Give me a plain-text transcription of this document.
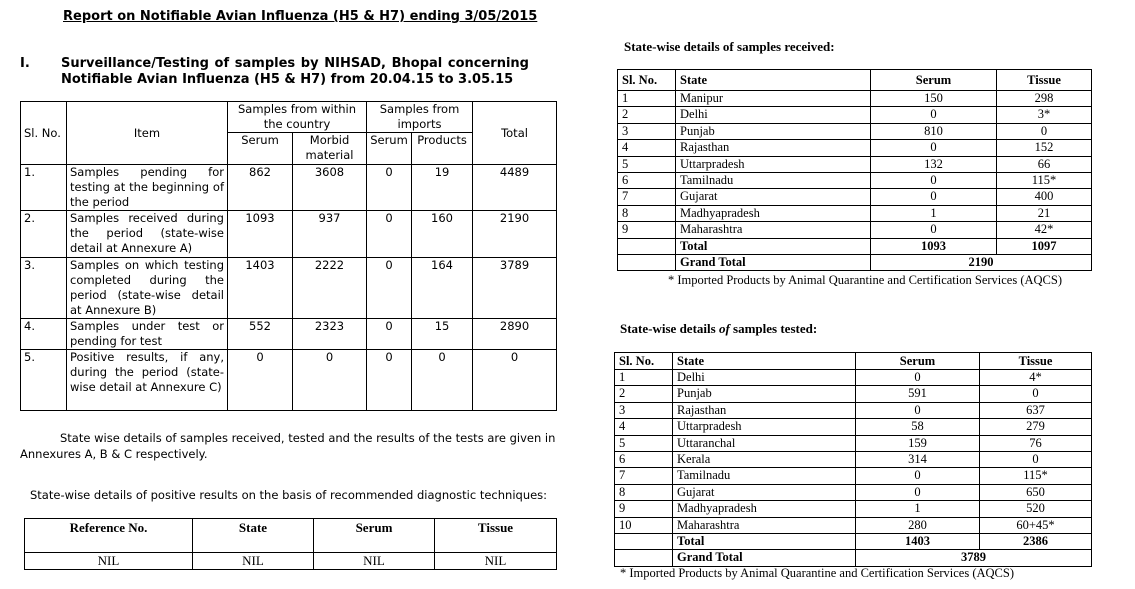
Report on Notifiable Avian Influenza (H5 & H7) ending 3/05/2015
I. Surveillance/Testing of samples by NIHSAD, Bhopal concerning Notifiable Avian Influenza (H5 & H7) from 20.04.15 to 3.05.15
Sl. No.	Item	Samples from within the country		Samples from imports		Total
		Serum	Morbid material	Serum	Products	
1.	Samples pending for testing at the beginning of the period	862	3608	0	19	4489
2.	Samples received during the period (state-wise detail at Annexure A)	1093	937	0	160	2190
3.	Samples on which testing completed during the period (state-wise detail at Annexure B)	1403	2222	0	164	3789
4.	Samples under test or pending for test	552	2323	0	15	2890
5.	Positive results, if any, during the period (state-wise detail at Annexure C)	0	0	0	0	0
State wise details of samples received, tested and the results of the tests are given in Annexures A, B & C respectively.
State-wise details of positive results on the basis of recommended diagnostic techniques:
Reference No.	State	Serum	Tissue
NIL	NIL	NIL	NIL
State-wise details of samples received:
Sl. No.	State	Serum	Tissue
1	Manipur	150	298
2	Delhi	0	3*
3	Punjab	810	0
4	Rajasthan	0	152
5	Uttarpradesh	132	66
6	Tamilnadu	0	115*
7	Gujarat	0	400
8	Madhyapradesh	1	21
9	Maharashtra	0	42*
	Total	1093	1097
	Grand Total	2190	
* Imported Products by Animal Quarantine and Certification Services (AQCS)
State-wise details of samples tested:
Sl. No.	State	Serum	Tissue
1	Delhi	0	4*
2	Punjab	591	0
3	Rajasthan	0	637
4	Uttarpradesh	58	279
5	Uttaranchal	159	76
6	Kerala	314	0
7	Tamilnadu	0	115*
8	Gujarat	0	650
9	Madhyapradesh	1	520
10	Maharashtra	280	60+45*
	Total	1403	2386
	Grand Total	3789	
* Imported Products by Animal Quarantine and Certification Services (AQCS)
